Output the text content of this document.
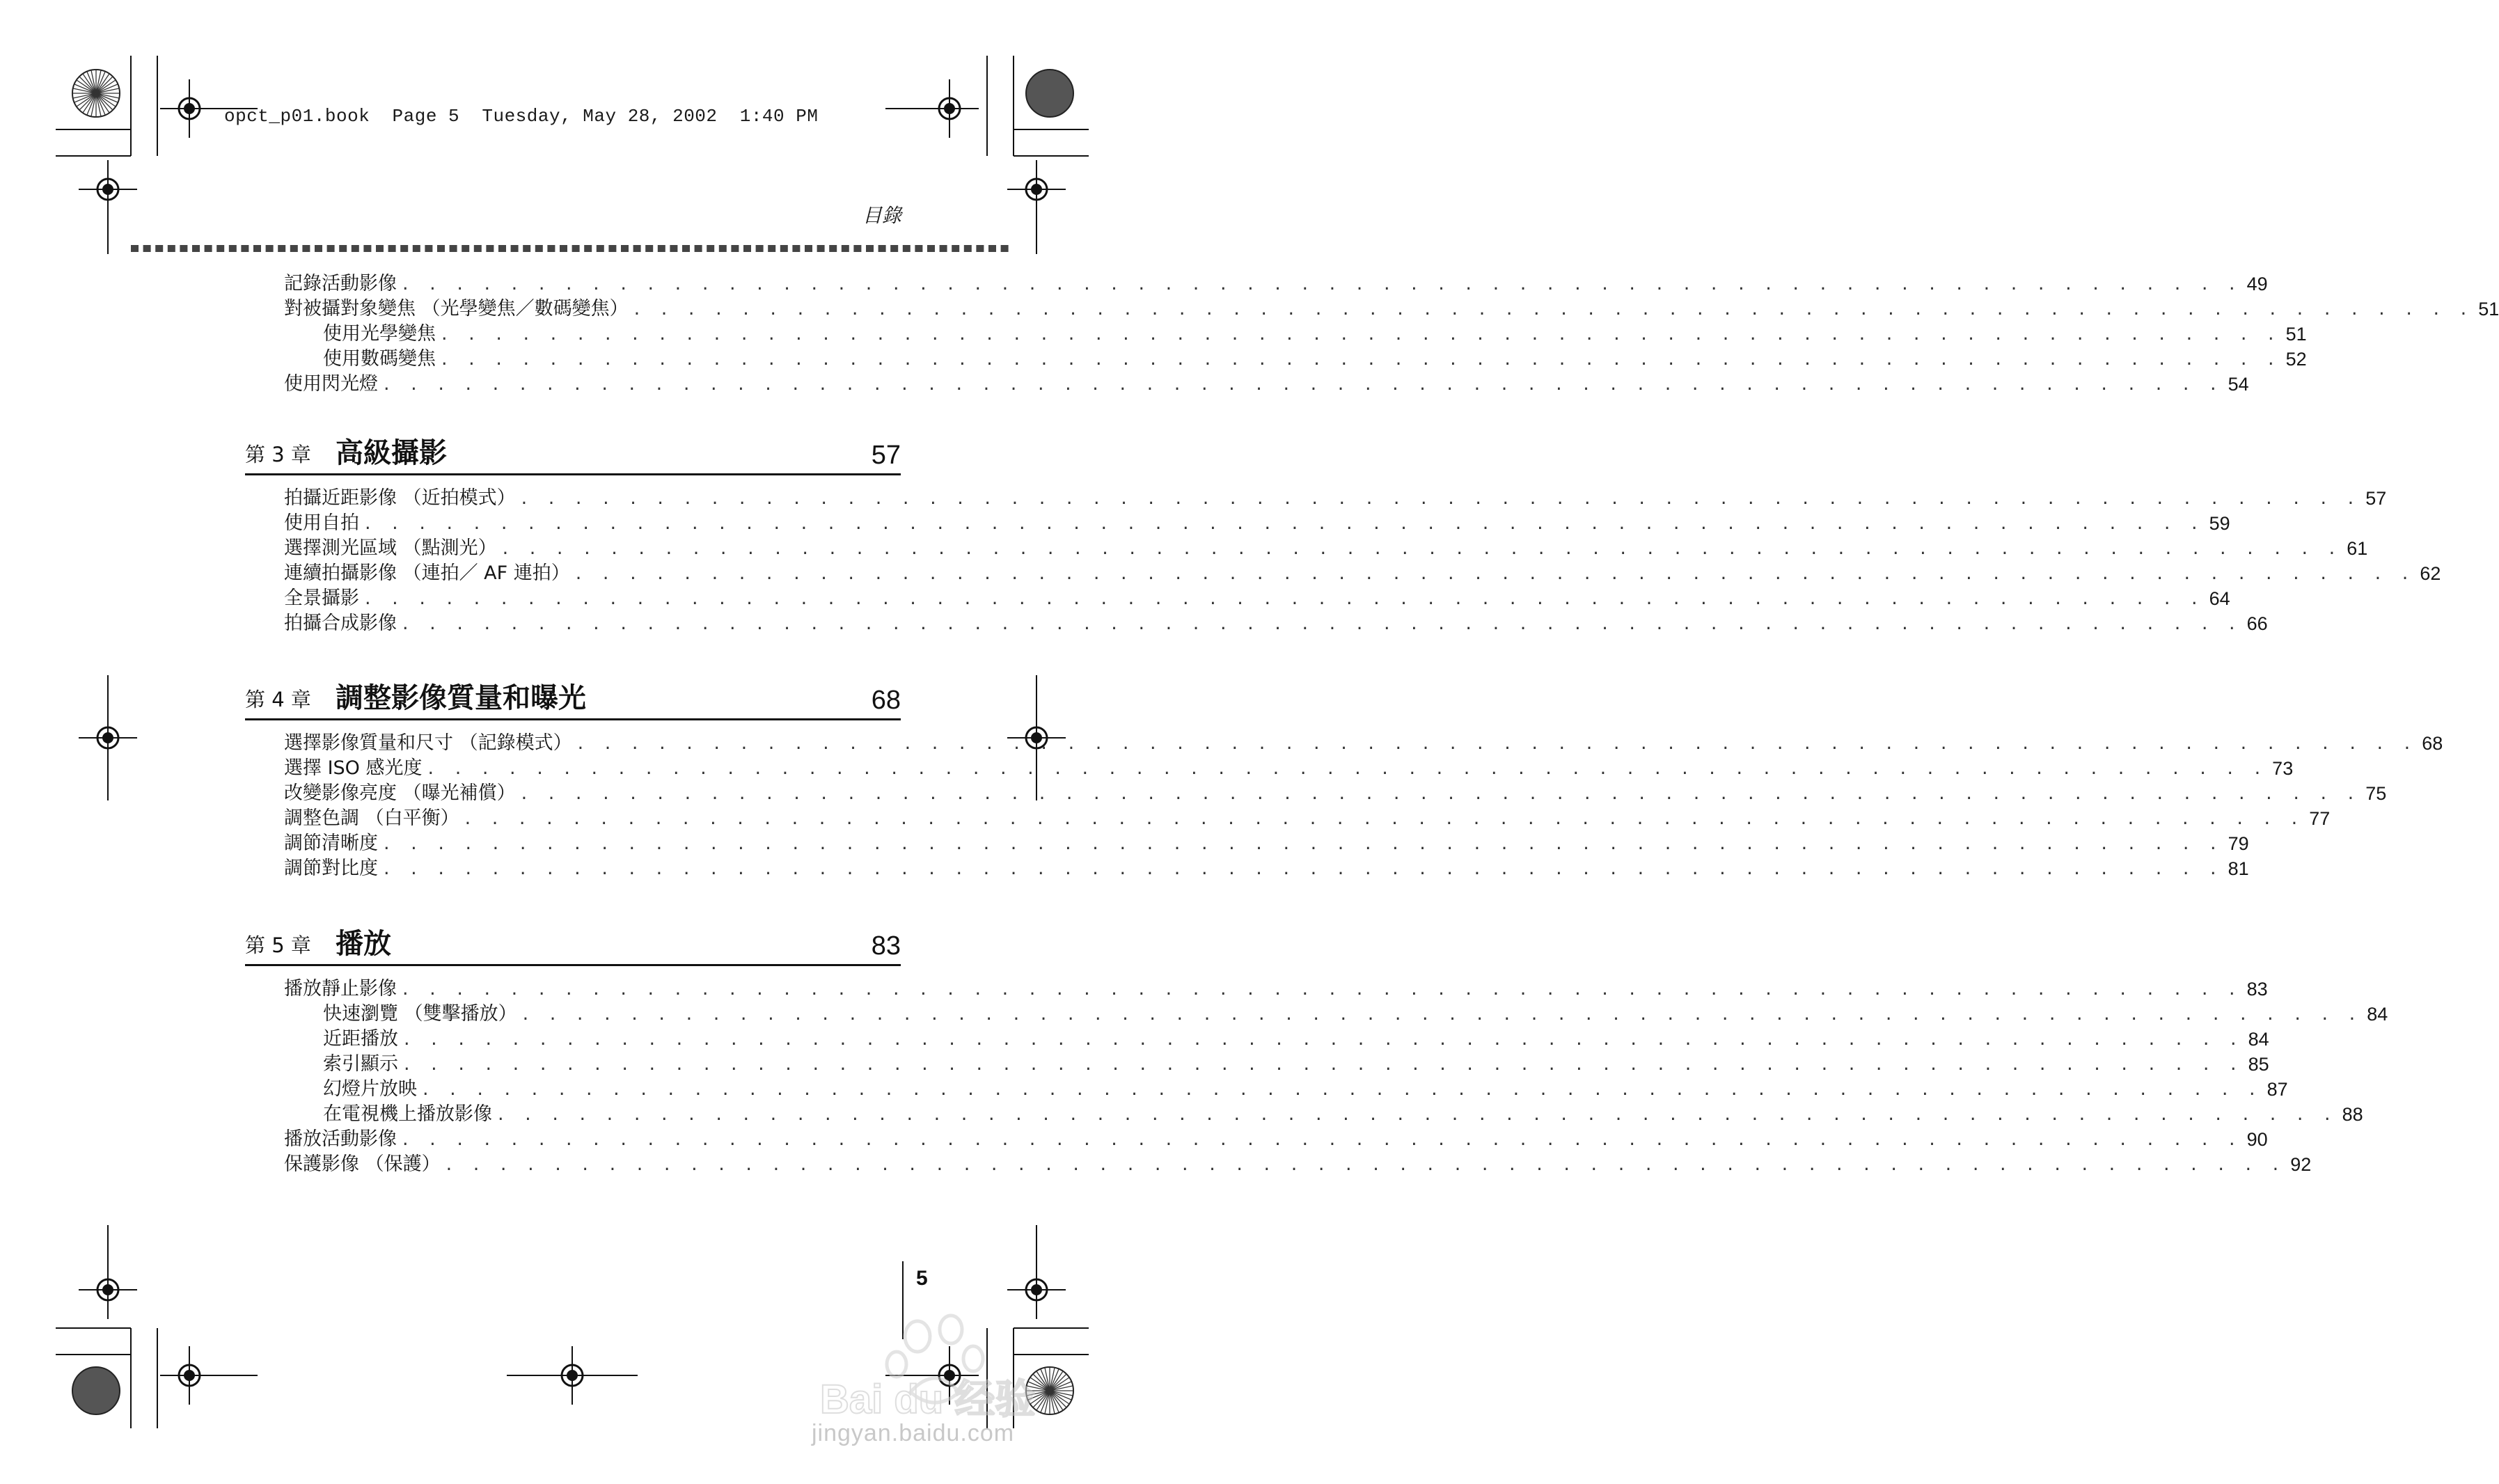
opct_p01.book  Page 5  Tuesday, May 28, 2002  1:40 PM
目錄
記錄活動影像 . . . . . . . . . . . . . . . . . . . . . . . . . . . . . . . . . . . . . . . . . . . . . . . . . . . . . . . . . . . . . . . . . . . . 49
對被攝對象變焦 （光學變焦／數碼變焦） . . . . . . . . . . . . . . . . . . . . . . . . . . . . . . . . . . . . . . . . . . . . . . . . . . . . . . . . . . . . . . . . . . . . 51
使用光學變焦 . . . . . . . . . . . . . . . . . . . . . . . . . . . . . . . . . . . . . . . . . . . . . . . . . . . . . . . . . . . . . . . . . . . . 51
使用數碼變焦 . . . . . . . . . . . . . . . . . . . . . . . . . . . . . . . . . . . . . . . . . . . . . . . . . . . . . . . . . . . . . . . . . . . . 52
使用閃光燈 . . . . . . . . . . . . . . . . . . . . . . . . . . . . . . . . . . . . . . . . . . . . . . . . . . . . . . . . . . . . . . . . . . . . 54
第 3 章 高級攝影	57
拍攝近距影像 （近拍模式） . . . . . . . . . . . . . . . . . . . . . . . . . . . . . . . . . . . . . . . . . . . . . . . . . . . . . . . . . . . . . . . . . . . . 57
使用自拍 . . . . . . . . . . . . . . . . . . . . . . . . . . . . . . . . . . . . . . . . . . . . . . . . . . . . . . . . . . . . . . . . . . . . 59
選擇測光區域 （點測光） . . . . . . . . . . . . . . . . . . . . . . . . . . . . . . . . . . . . . . . . . . . . . . . . . . . . . . . . . . . . . . . . . . . . 61
連續拍攝影像 （連拍／ AF 連拍） . . . . . . . . . . . . . . . . . . . . . . . . . . . . . . . . . . . . . . . . . . . . . . . . . . . . . . . . . . . . . . . . . . . . 62
全景攝影 . . . . . . . . . . . . . . . . . . . . . . . . . . . . . . . . . . . . . . . . . . . . . . . . . . . . . . . . . . . . . . . . . . . . 64
拍攝合成影像 . . . . . . . . . . . . . . . . . . . . . . . . . . . . . . . . . . . . . . . . . . . . . . . . . . . . . . . . . . . . . . . . . . . . 66
第 4 章 調整影像質量和曝光	68
選擇影像質量和尺寸 （記錄模式） . . . . . . . . . . . . . . . . . . . . . . . . . . . . . . . . . . . . . . . . . . . . . . . . . . . . . . . . . . . . . . . . . . . . 68
選擇 ISO 感光度 . . . . . . . . . . . . . . . . . . . . . . . . . . . . . . . . . . . . . . . . . . . . . . . . . . . . . . . . . . . . . . . . . . . . 73
改變影像亮度 （曝光補償） . . . . . . . . . . . . . . . . . . . . . . . . . . . . . . . . . . . . . . . . . . . . . . . . . . . . . . . . . . . . . . . . . . . . 75
調整色調 （白平衡） . . . . . . . . . . . . . . . . . . . . . . . . . . . . . . . . . . . . . . . . . . . . . . . . . . . . . . . . . . . . . . . . . . . . 77
調節清晰度 . . . . . . . . . . . . . . . . . . . . . . . . . . . . . . . . . . . . . . . . . . . . . . . . . . . . . . . . . . . . . . . . . . . . 79
調節對比度 . . . . . . . . . . . . . . . . . . . . . . . . . . . . . . . . . . . . . . . . . . . . . . . . . . . . . . . . . . . . . . . . . . . . 81
第 5 章 播放	83
播放靜止影像 . . . . . . . . . . . . . . . . . . . . . . . . . . . . . . . . . . . . . . . . . . . . . . . . . . . . . . . . . . . . . . . . . . . . 83
快速瀏覽 （雙擊播放） . . . . . . . . . . . . . . . . . . . . . . . . . . . . . . . . . . . . . . . . . . . . . . . . . . . . . . . . . . . . . . . . . . . . 84
近距播放 . . . . . . . . . . . . . . . . . . . . . . . . . . . . . . . . . . . . . . . . . . . . . . . . . . . . . . . . . . . . . . . . . . . . 84
索引顯示 . . . . . . . . . . . . . . . . . . . . . . . . . . . . . . . . . . . . . . . . . . . . . . . . . . . . . . . . . . . . . . . . . . . . 85
幻燈片放映 . . . . . . . . . . . . . . . . . . . . . . . . . . . . . . . . . . . . . . . . . . . . . . . . . . . . . . . . . . . . . . . . . . . . 87
在電視機上播放影像 . . . . . . . . . . . . . . . . . . . . . . . . . . . . . . . . . . . . . . . . . . . . . . . . . . . . . . . . . . . . . . . . . . . . 88
播放活動影像 . . . . . . . . . . . . . . . . . . . . . . . . . . . . . . . . . . . . . . . . . . . . . . . . . . . . . . . . . . . . . . . . . . . . 90
保護影像 （保護） . . . . . . . . . . . . . . . . . . . . . . . . . . . . . . . . . . . . . . . . . . . . . . . . . . . . . . . . . . . . . . . . . . . . 92
5
Bai du 经验
jingyan.baidu.com
